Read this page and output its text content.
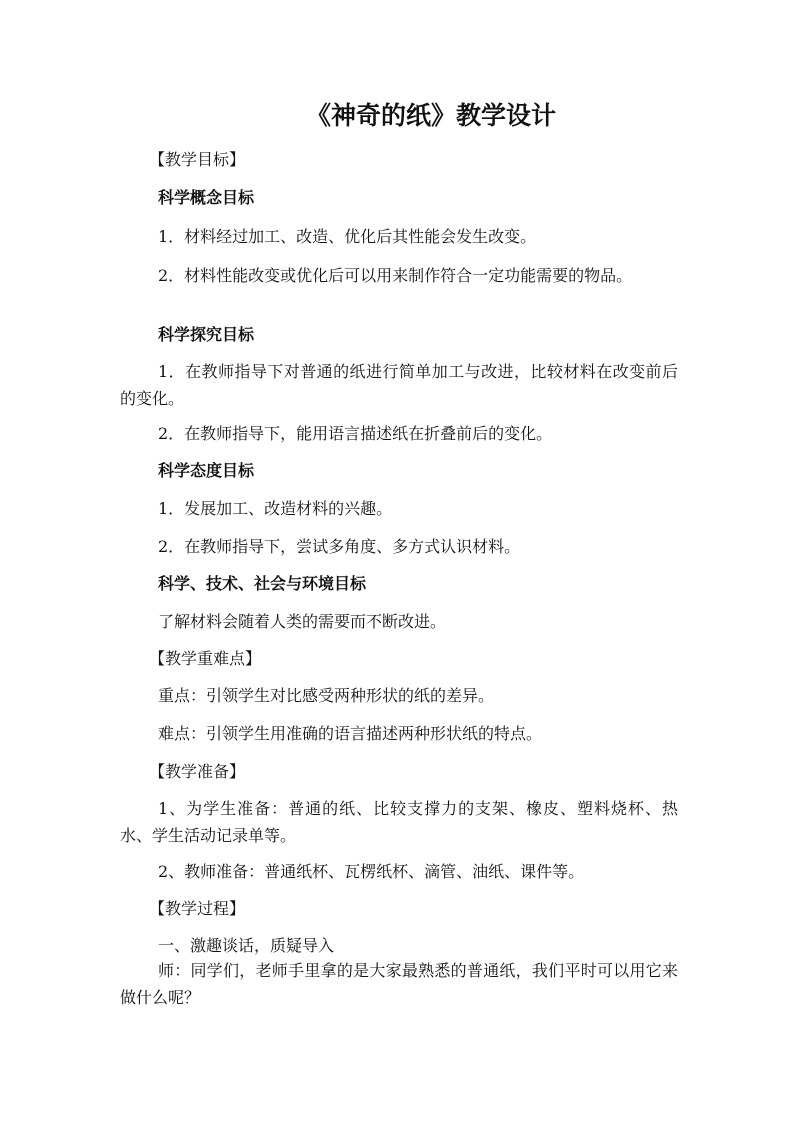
《神奇的纸》教学设计
【教学目标】
科学概念目标
1．材料经过加工、改造、优化后其性能会发生改变。
2．材料性能改变或优化后可以用来制作符合一定功能需要的物品。
科学探究目标
1．在教师指导下对普通的纸进行简单加工与改进，比较材料在改变前后的变化。
2．在教师指导下，能用语言描述纸在折叠前后的变化。
科学态度目标
1．发展加工、改造材料的兴趣。
2．在教师指导下，尝试多角度、多方式认识材料。
科学、技术、社会与环境目标
了解材料会随着人类的需要而不断改进。
【教学重难点】
重点：引领学生对比感受两种形状的纸的差异。
难点：引领学生用准确的语言描述两种形状纸的特点。
【教学准备】
1、为学生准备：普通的纸、比较支撑力的支架、橡皮、塑料烧杯、热水、学生活动记录单等。
2、教师准备：普通纸杯、瓦楞纸杯、滴管、油纸、课件等。
【教学过程】
一、激趣谈话，质疑导入
师：同学们，老师手里拿的是大家最熟悉的普通纸，我们平时可以用它来做什么呢？
